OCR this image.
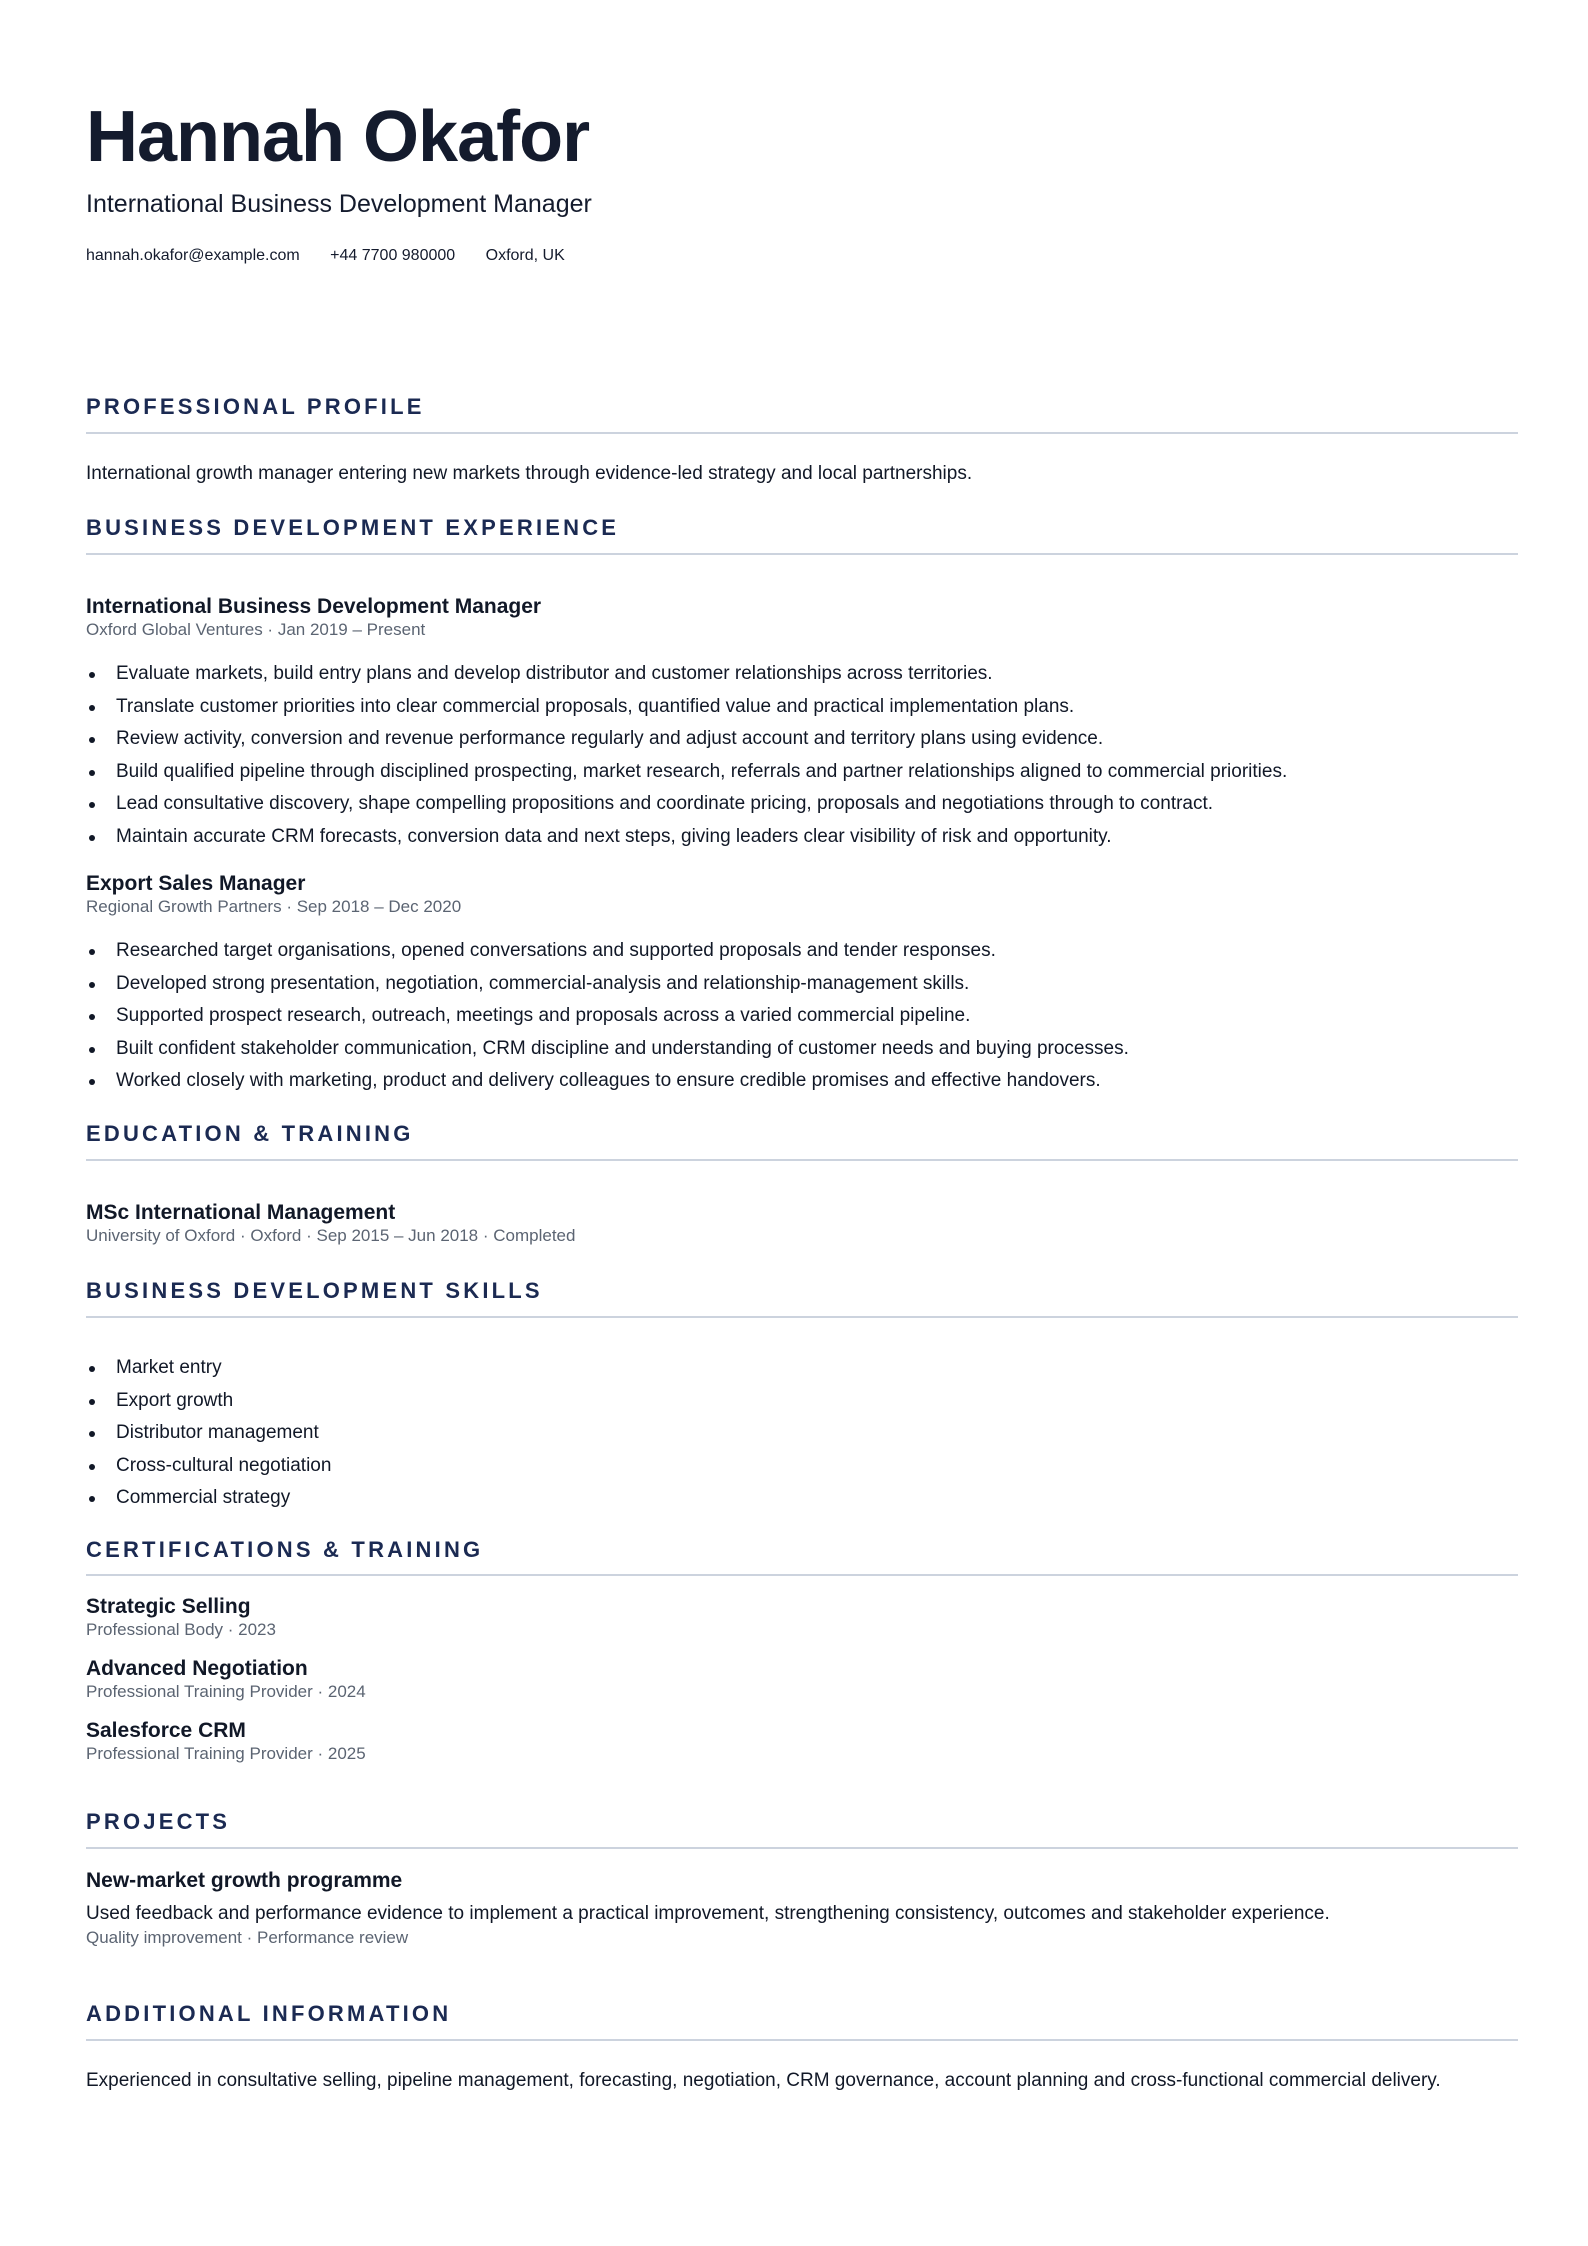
Hannah Okafor
International Business Development Manager
hannah.okafor@example.com +44 7700 980000 Oxford, UK
PROFESSIONAL PROFILE
International growth manager entering new markets through evidence-led strategy and local partnerships.
BUSINESS DEVELOPMENT EXPERIENCE
International Business Development Manager
Oxford Global Ventures · Jan 2019 – Present
Evaluate markets, build entry plans and develop distributor and customer relationships across territories.
Translate customer priorities into clear commercial proposals, quantified value and practical implementation plans.
Review activity, conversion and revenue performance regularly and adjust account and territory plans using evidence.
Build qualified pipeline through disciplined prospecting, market research, referrals and partner relationships aligned to commercial priorities.
Lead consultative discovery, shape compelling propositions and coordinate pricing, proposals and negotiations through to contract.
Maintain accurate CRM forecasts, conversion data and next steps, giving leaders clear visibility of risk and opportunity.
Export Sales Manager
Regional Growth Partners · Sep 2018 – Dec 2020
Researched target organisations, opened conversations and supported proposals and tender responses.
Developed strong presentation, negotiation, commercial-analysis and relationship-management skills.
Supported prospect research, outreach, meetings and proposals across a varied commercial pipeline.
Built confident stakeholder communication, CRM discipline and understanding of customer needs and buying processes.
Worked closely with marketing, product and delivery colleagues to ensure credible promises and effective handovers.
EDUCATION & TRAINING
MSc International Management
University of Oxford · Oxford · Sep 2015 – Jun 2018 · Completed
BUSINESS DEVELOPMENT SKILLS
Market entry
Export growth
Distributor management
Cross-cultural negotiation
Commercial strategy
CERTIFICATIONS & TRAINING
Strategic Selling
Professional Body · 2023
Advanced Negotiation
Professional Training Provider · 2024
Salesforce CRM
Professional Training Provider · 2025
PROJECTS
New-market growth programme
Used feedback and performance evidence to implement a practical improvement, strengthening consistency, outcomes and stakeholder experience.
Quality improvement · Performance review
ADDITIONAL INFORMATION
Experienced in consultative selling, pipeline management, forecasting, negotiation, CRM governance, account planning and cross-functional commercial delivery.
